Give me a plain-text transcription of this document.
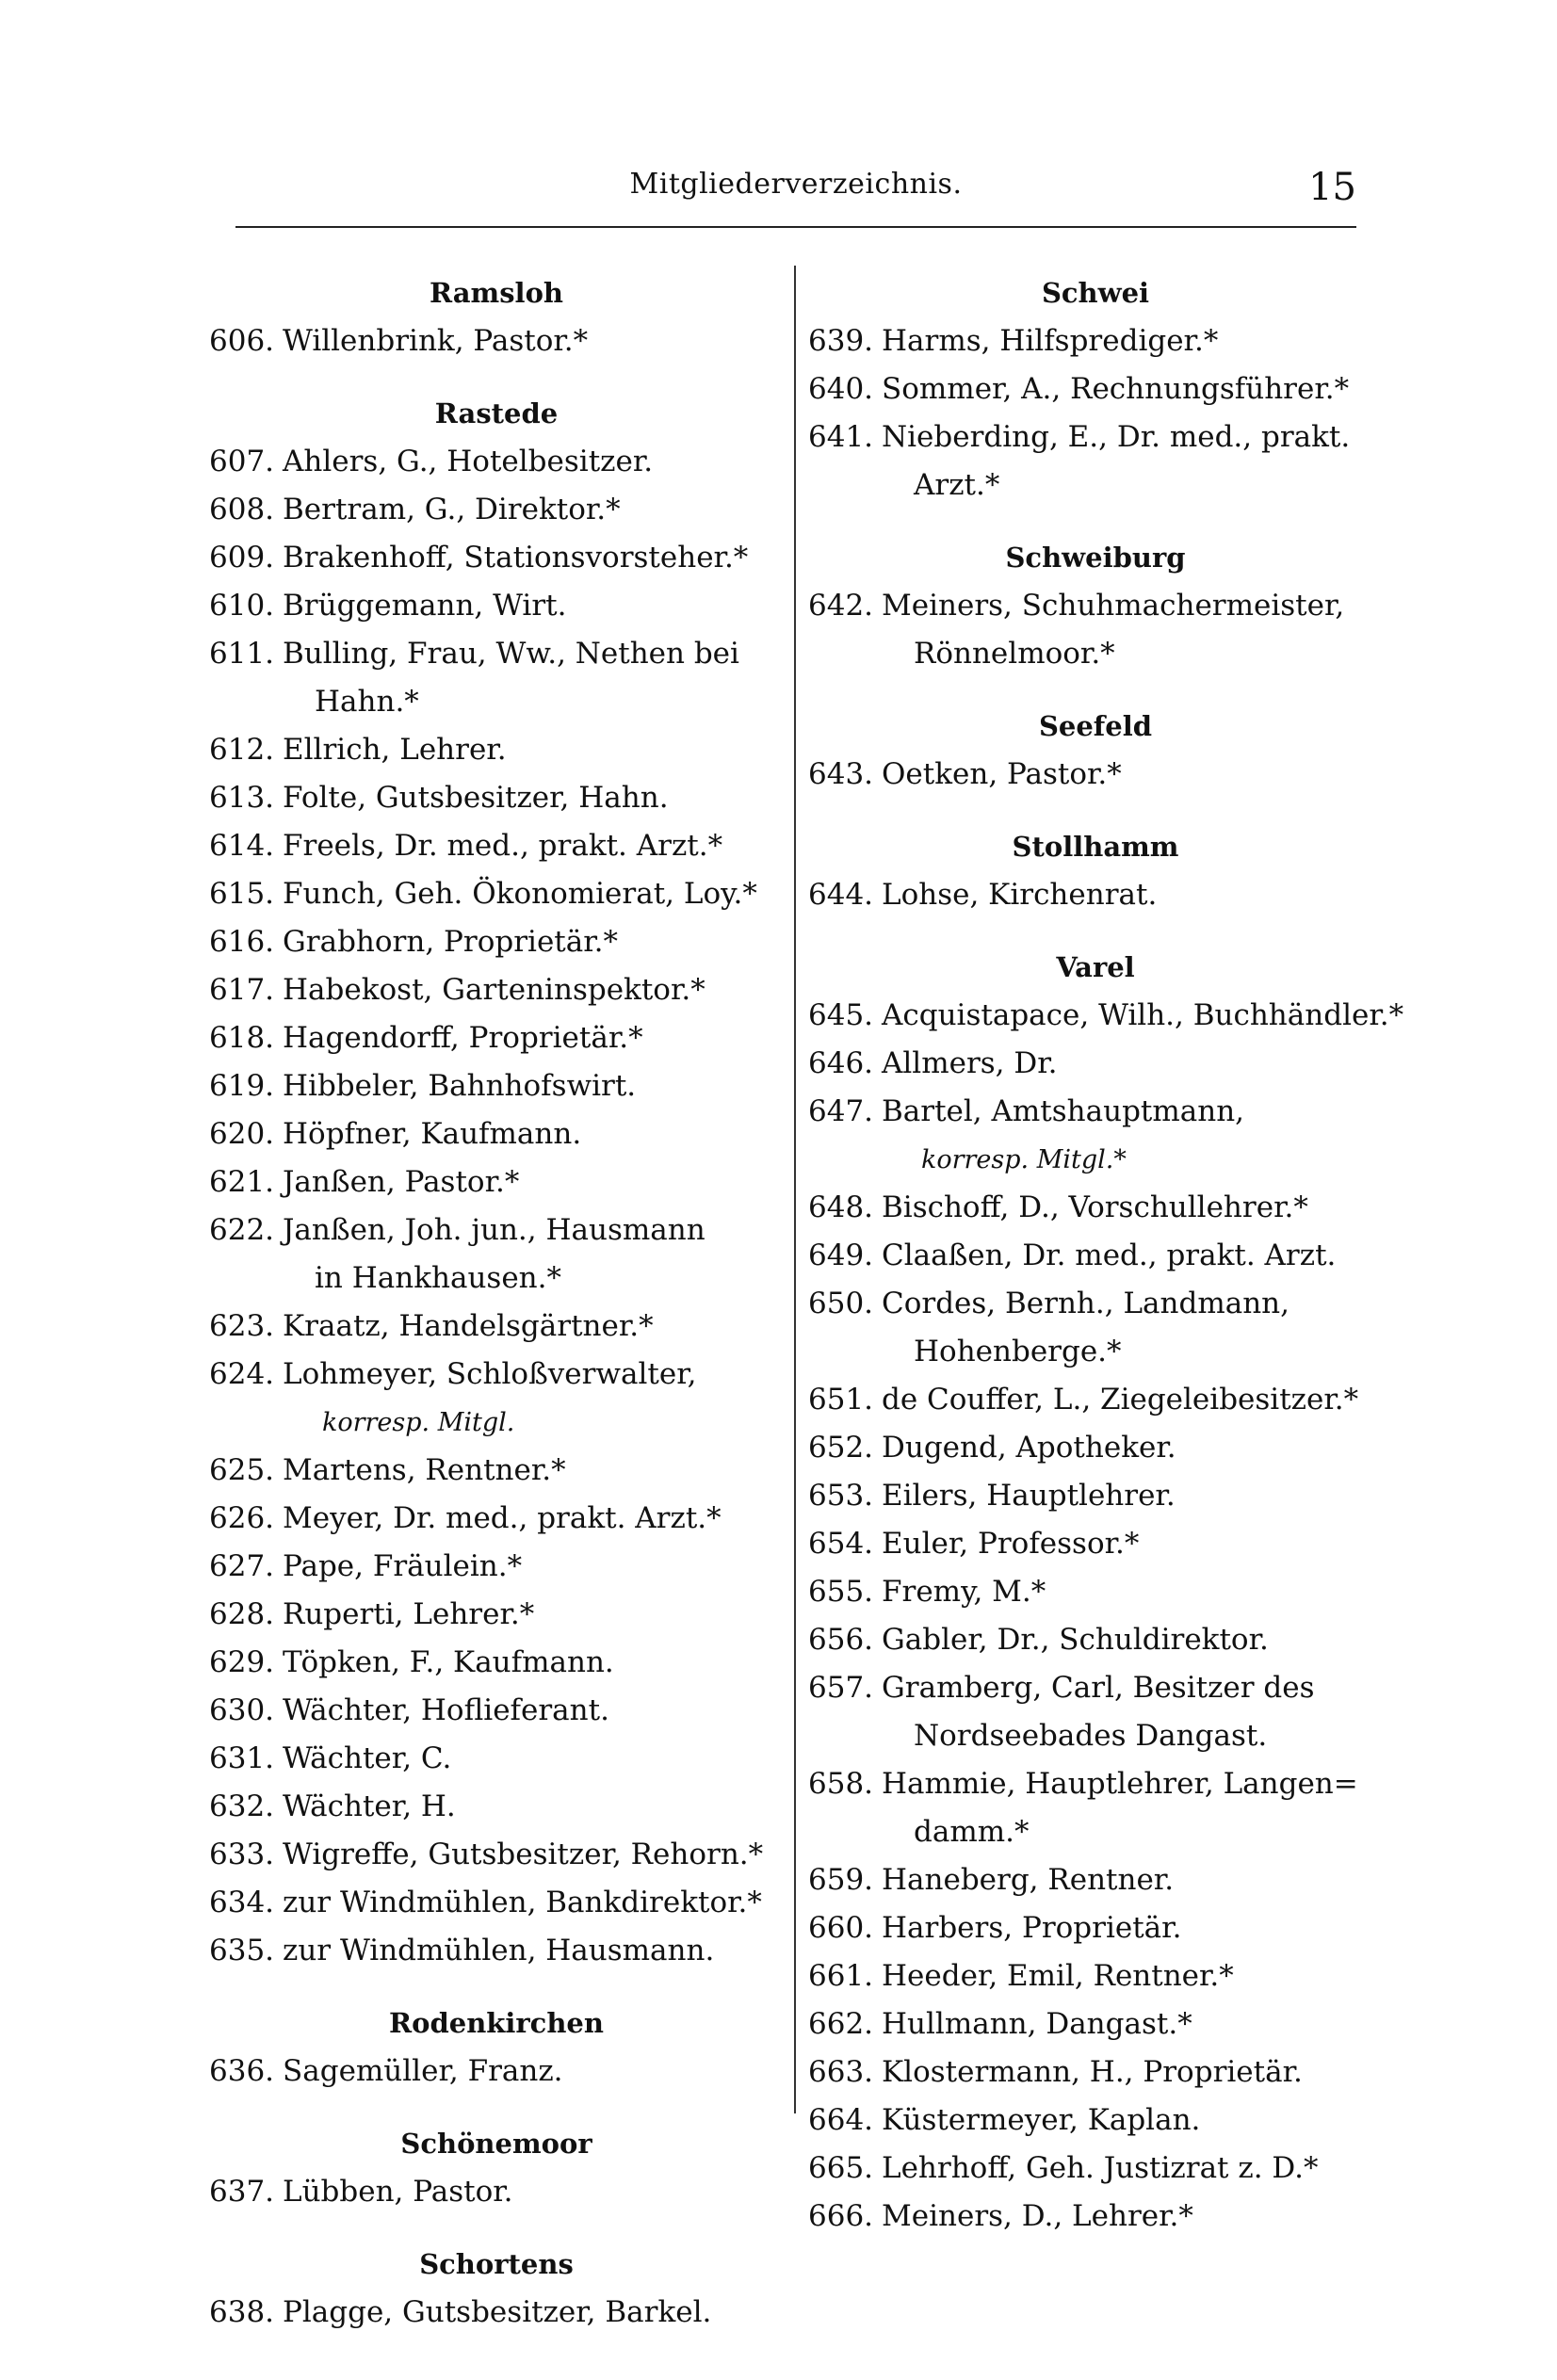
Mitgliederverzeichnis.	15
Ramsloh
606. Willenbrink, Pastor.*
Rastede
607. Ahlers, G., Hotelbesitzer.
608. Bertram, G., Direktor.*
609. Brakenhoff, Stationsvorsteher.*
610. Brüggemann, Wirt.
611. Bulling, Frau, Ww., Nethen bei
Hahn.*
612. Ellrich, Lehrer.
613. Folte, Gutsbesitzer, Hahn.
614. Freels, Dr. med., prakt. Arzt.*
615. Funch, Geh. Ökonomierat, Loy.*
616. Grabhorn, Proprietär.*
617. Habekost, Garteninspektor.*
618. Hagendorff, Proprietär.*
619. Hibbeler, Bahnhofswirt.
620. Höpfner, Kaufmann.
621. Janßen, Pastor.*
622. Janßen, Joh. jun., Hausmann
in Hankhausen.*
623. Kraatz, Handelsgärtner.*
624. Lohmeyer, Schloßverwalter,
korresp. Mitgl.
625. Martens, Rentner.*
626. Meyer, Dr. med., prakt. Arzt.*
627. Pape, Fräulein.*
628. Ruperti, Lehrer.*
629. Töpken, F., Kaufmann.
630. Wächter, Hoflieferant.
631. Wächter, C.
632. Wächter, H.
633. Wigreffe, Gutsbesitzer, Rehorn.*
634. zur Windmühlen, Bankdirektor.*
635. zur Windmühlen, Hausmann.
Rodenkirchen
636. Sagemüller, Franz.
Schönemoor
637. Lübben, Pastor.
Schortens
638. Plagge, Gutsbesitzer, Barkel.
Schwei
639. Harms, Hilfsprediger.*
640. Sommer, A., Rechnungsführer.*
641. Nieberding, E., Dr. med., prakt.
Arzt.*
Schweiburg
642. Meiners, Schuhmachermeister,
Rönnelmoor.*
Seefeld
643. Oetken, Pastor.*
Stollhamm
644. Lohse, Kirchenrat.
Varel
645. Acquistapace, Wilh., Buchhändler.*
646. Allmers, Dr.
647. Bartel, Amtshauptmann,
korresp. Mitgl.*
648. Bischoff, D., Vorschullehrer.*
649. Claaßen, Dr. med., prakt. Arzt.
650. Cordes, Bernh., Landmann,
Hohenberge.*
651. de Couffer, L., Ziegeleibesitzer.*
652. Dugend, Apotheker.
653. Eilers, Hauptlehrer.
654. Euler, Professor.*
655. Fremy, M.*
656. Gabler, Dr., Schuldirektor.
657. Gramberg, Carl, Besitzer des
Nordseebades Dangast.
658. Hammie, Hauptlehrer, Langen=
damm.*
659. Haneberg, Rentner.
660. Harbers, Proprietär.
661. Heeder, Emil, Rentner.*
662. Hullmann, Dangast.*
663. Klostermann, H., Proprietär.
664. Küstermeyer, Kaplan.
665. Lehrhoff, Geh. Justizrat z. D.*
666. Meiners, D., Lehrer.*
